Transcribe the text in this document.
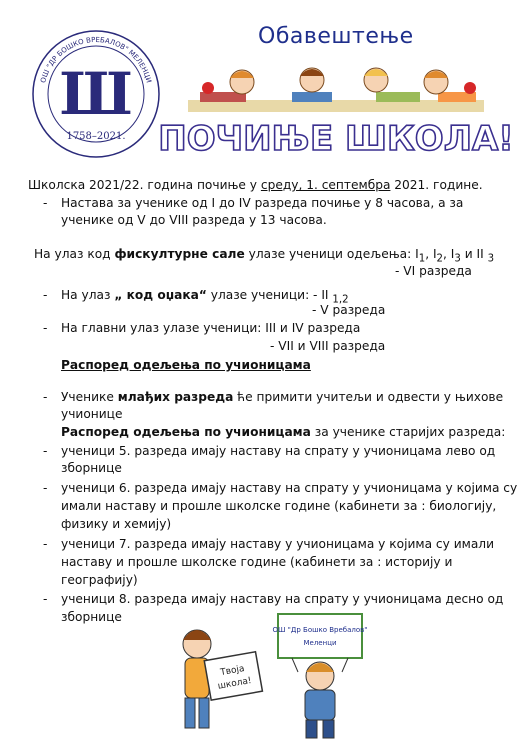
Обавештење
ОШ "ДР БОШКО ВРЕБАЛОВ" МЕЛЕНЦИ
Ш
1758–2021. ПОЧИЊЕ ШКОЛА!
Школска 2021/22. година почиње у среду, 1. септембра 2021. године.
- Настава за ученике од I до IV разреда почиње у 8 часова, а за
ученике од V до VIII разреда у 13 часова.
На улаз код фискултурне сале улазе ученици одељења: $I_1$, $I_2$, $I_3$ и II $_3$
- VI разреда
- На улаз „ код оџака“ улазе ученици: - II $_{1,2}$
- V разреда
- На главни улаз улазе ученици: III и IV разреда
- VII и VIII разреда
Распоред одељења по учионицама
- Ученике млађих разреда ће примити учитељи и одвести у њихове
учионице
Распоред одељења по учионицама за ученике старијих разреда:
- ученици 5. разреда имају наставу на спрату у учионицама лево од
зборнице
- ученици 6. разреда имају наставу на спрату у учионицама у којима су
имали наставу и прошле школске године (кабинети за : биологију,
физику и хемију)
- ученици 7. разреда имају наставу у учионицама у којима су имали
наставу и прошле школске године (кабинети за : историју и
географију)
- ученици 8. разреда имају наставу на спрату у учионицама десно од
зборнице
Твоја
школа!
ОШ "Др Бошко Вребалов"
Меленци
